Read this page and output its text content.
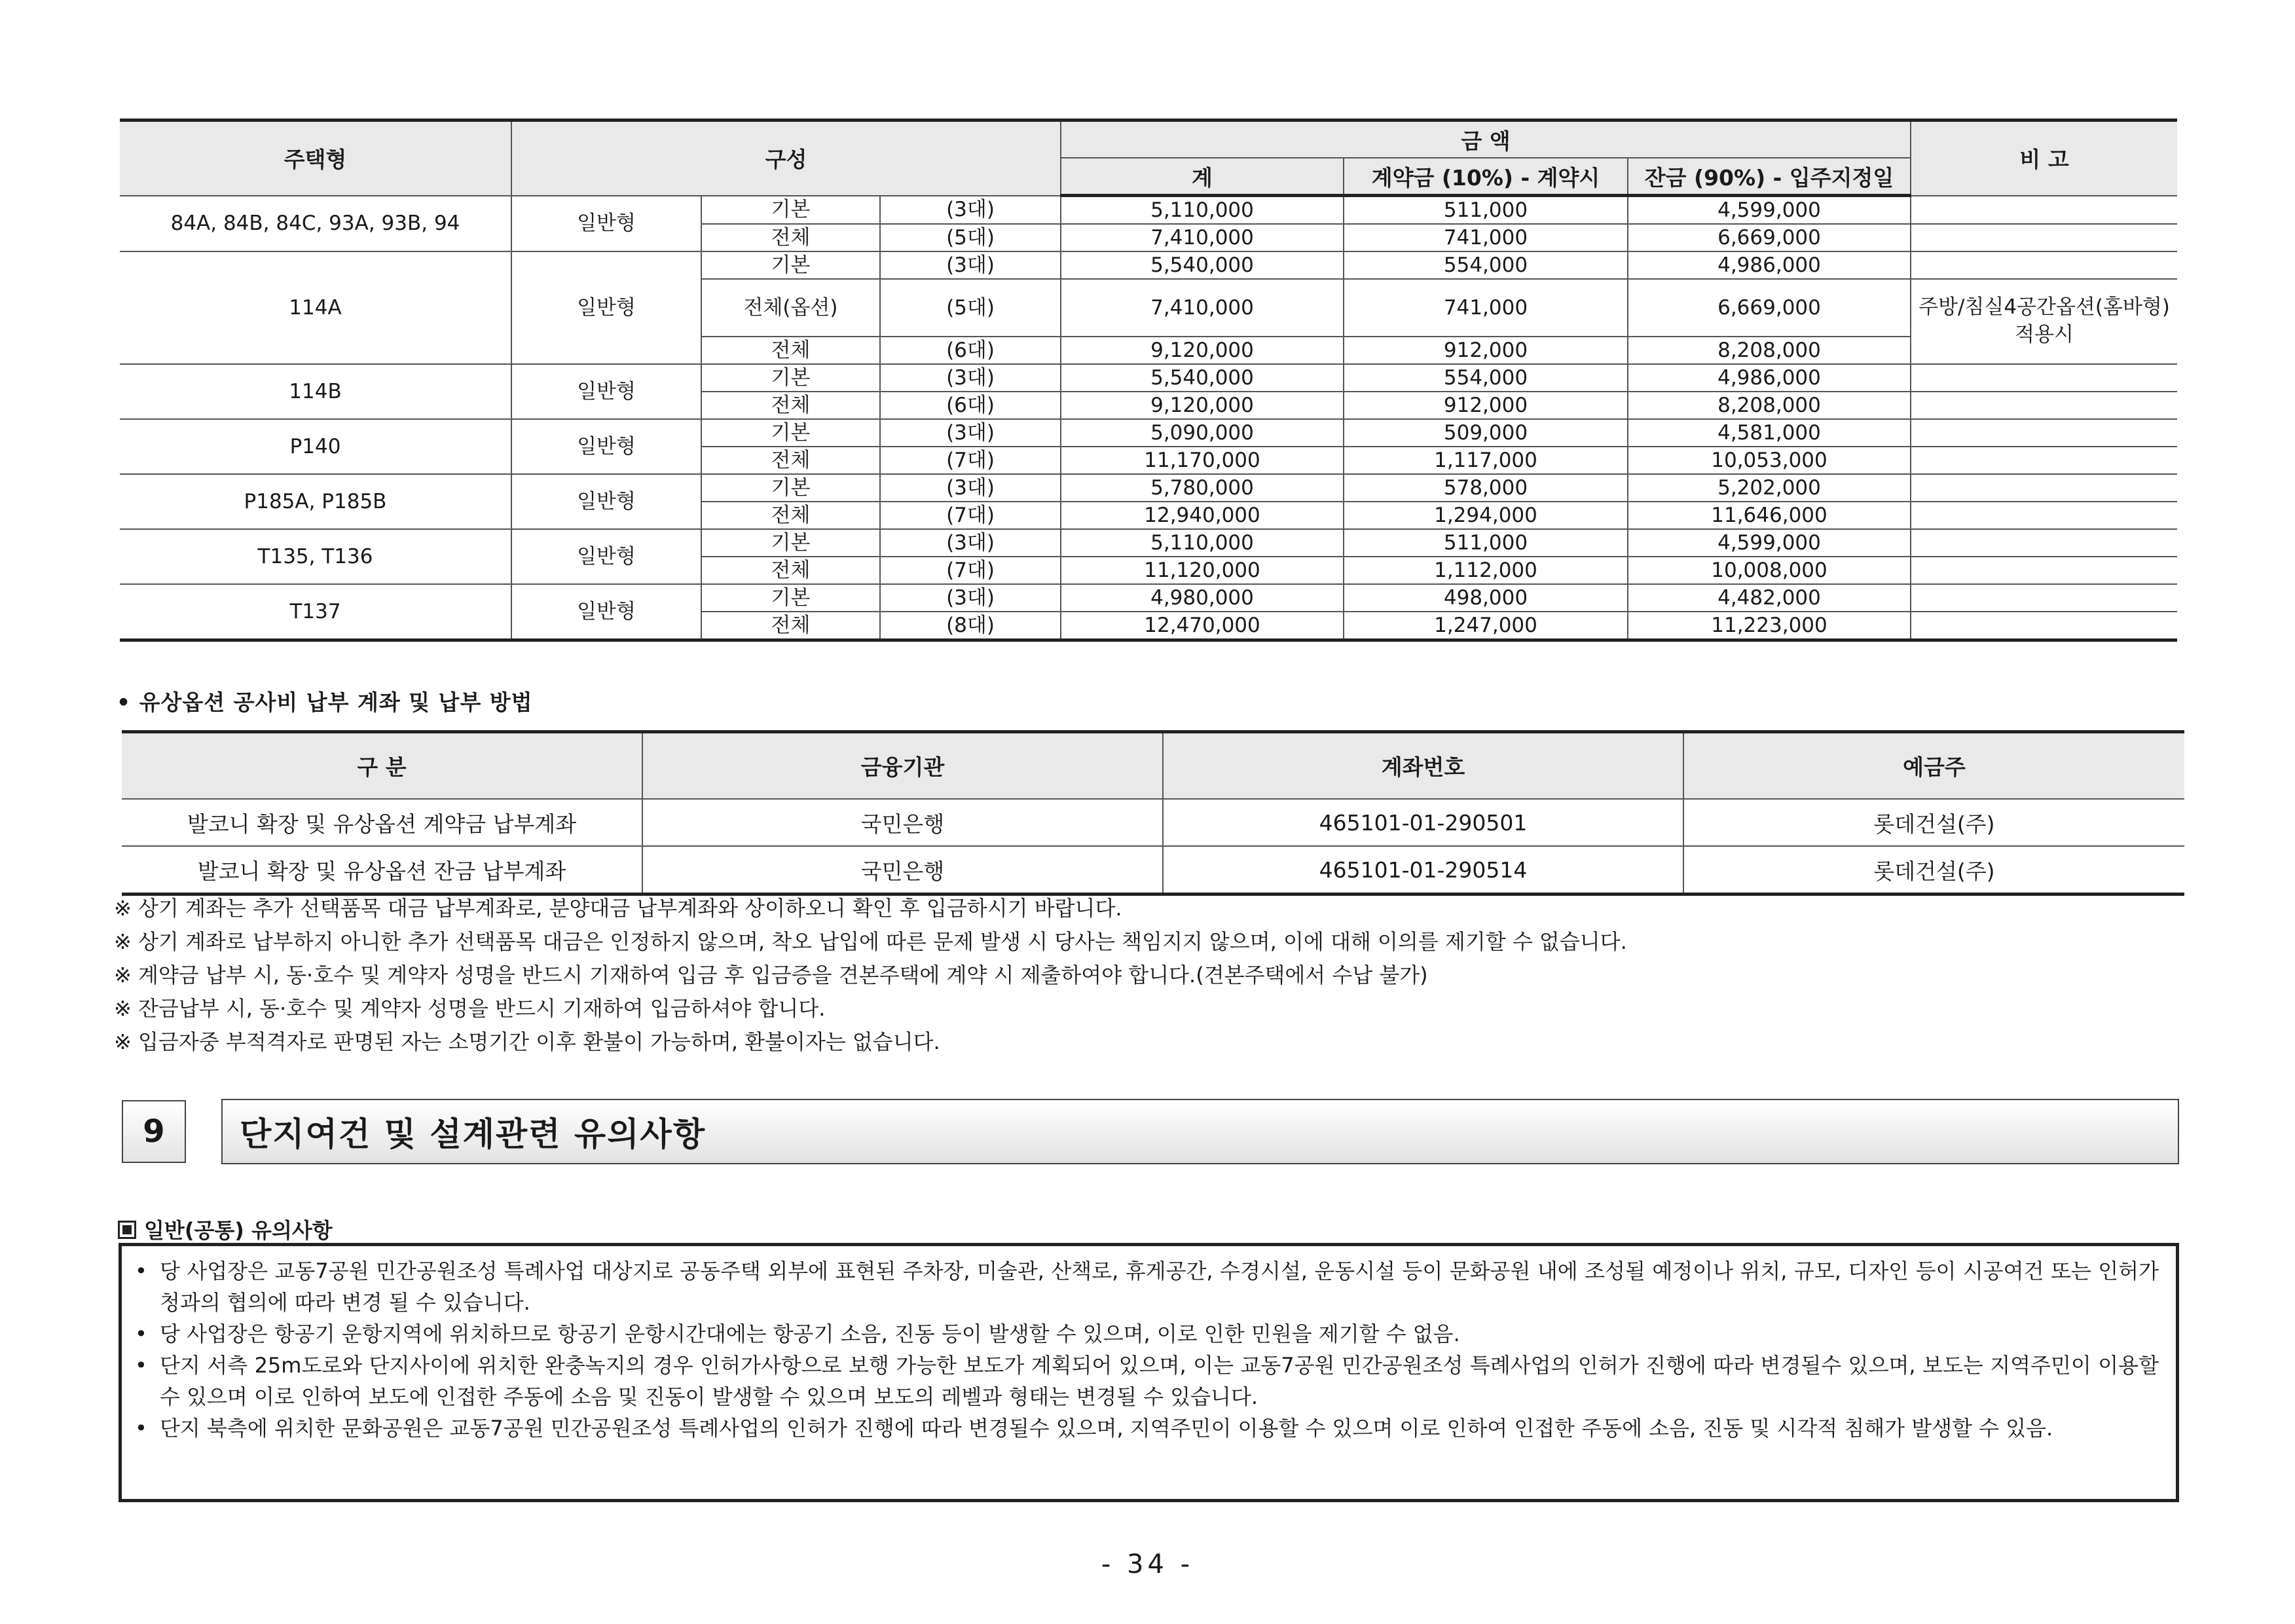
주택형	구성			금 액			비 고
				계	계약금 (10%) - 계약시	잔금 (90%) - 입주지정일	
84A, 84B, 84C, 93A, 93B, 94	일반형	기본	(3대)	5,110,000	511,000	4,599,000	
		전체	(5대)	7,410,000	741,000	6,669,000	
114A	일반형	기본	(3대)	5,540,000	554,000	4,986,000	
		전체(옵션)	(5대)	7,410,000	741,000	6,669,000	주방/침실4공간옵션(홈바형) 적용시
		전체	(6대)	9,120,000	912,000	8,208,000	
114B	일반형	기본	(3대)	5,540,000	554,000	4,986,000	
		전체	(6대)	9,120,000	912,000	8,208,000	
P140	일반형	기본	(3대)	5,090,000	509,000	4,581,000	
		전체	(7대)	11,170,000	1,117,000	10,053,000	
P185A, P185B	일반형	기본	(3대)	5,780,000	578,000	5,202,000	
		전체	(7대)	12,940,000	1,294,000	11,646,000	
T135, T136	일반형	기본	(3대)	5,110,000	511,000	4,599,000	
		전체	(7대)	11,120,000	1,112,000	10,008,000	
T137	일반형	기본	(3대)	4,980,000	498,000	4,482,000	
		전체	(8대)	12,470,000	1,247,000	11,223,000	
• 유상옵션 공사비 납부 계좌 및 납부 방법
구 분	금융기관	계좌번호	예금주
발코니 확장 및 유상옵션 계약금 납부계좌	국민은행	465101-01-290501	롯데건설(주)
발코니 확장 및 유상옵션 잔금 납부계좌	국민은행	465101-01-290514	롯데건설(주)
※ 상기 계좌는 추가 선택품목 대금 납부계좌로, 분양대금 납부계좌와 상이하오니 확인 후 입금하시기 바랍니다.
※ 상기 계좌로 납부하지 아니한 추가 선택품목 대금은 인정하지 않으며, 착오 납입에 따른 문제 발생 시 당사는 책임지지 않으며, 이에 대해 이의를 제기할 수 없습니다.
※ 계약금 납부 시, 동·호수 및 계약자 성명을 반드시 기재하여 입금 후 입금증을 견본주택에 계약 시 제출하여야 합니다.(견본주택에서 수납 불가)
※ 잔금납부 시, 동·호수 및 계약자 성명을 반드시 기재하여 입금하셔야 합니다.
※ 입금자중 부적격자로 판명된 자는 소명기간 이후 환불이 가능하며, 환불이자는 없습니다.
9	단지여건 및 설계관련 유의사항
일반(공통) 유의사항
• 당 사업장은 교동7공원 민간공원조성 특례사업 대상지로 공동주택 외부에 표현된 주차장, 미술관, 산책로, 휴게공간, 수경시설, 운동시설 등이 문화공원 내에 조성될 예정이나 위치, 규모, 디자인 등이 시공여건 또는 인허가청과의 협의에 따라 변경 될 수 있습니다.
• 당 사업장은 항공기 운항지역에 위치하므로 항공기 운항시간대에는 항공기 소음, 진동 등이 발생할 수 있으며, 이로 인한 민원을 제기할 수 없음.
• 단지 서측 25m도로와 단지사이에 위치한 완충녹지의 경우 인허가사항으로 보행 가능한 보도가 계획되어 있으며, 이는 교동7공원 민간공원조성 특례사업의 인허가 진행에 따라 변경될수 있으며, 보도는 지역주민이 이용할 수 있으며 이로 인하여 보도에 인접한 주동에 소음 및 진동이 발생할 수 있으며 보도의 레벨과 형태는 변경될 수 있습니다.
• 단지 북측에 위치한 문화공원은 교동7공원 민간공원조성 특례사업의 인허가 진행에 따라 변경될수 있으며, 지역주민이 이용할 수 있으며 이로 인하여 인접한 주동에 소음, 진동 및 시각적 침해가 발생할 수 있음.
- 34 -
